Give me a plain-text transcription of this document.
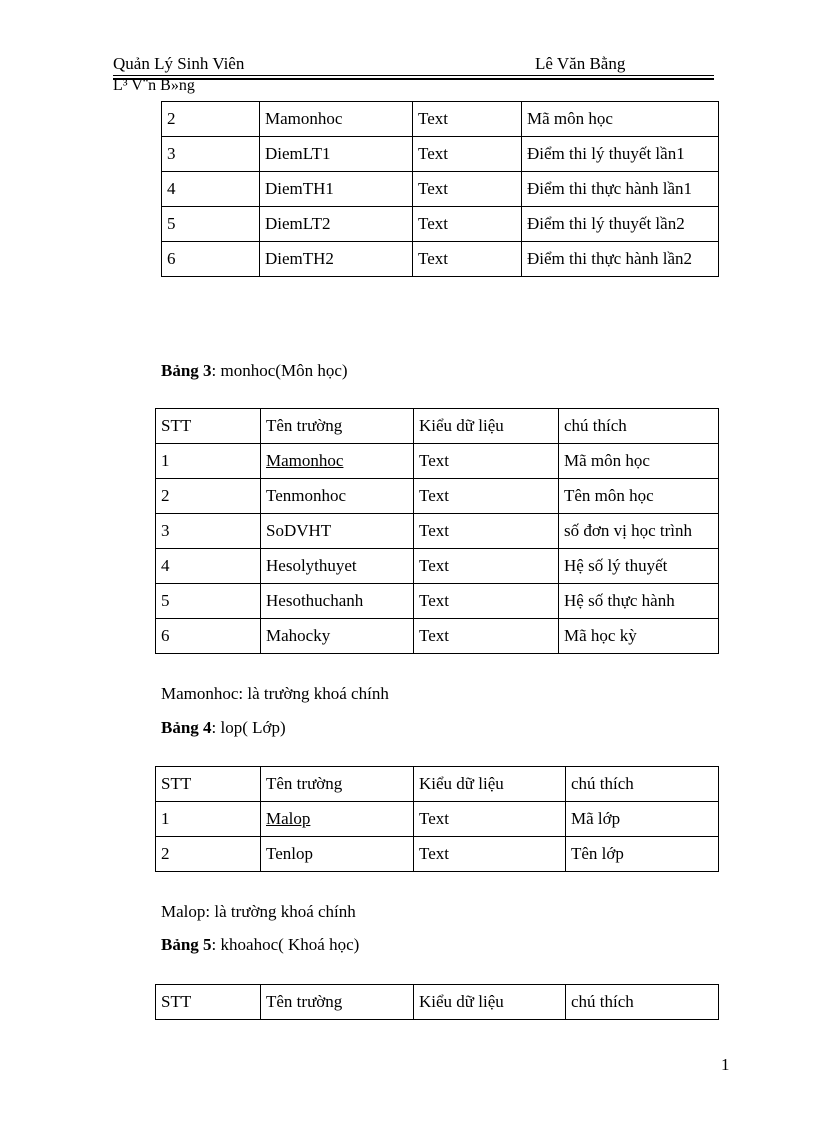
Quản Lý Sinh Viên	Lê Văn Bằng
L³ V¨n B»ng
2	Mamonhoc	Text	Mã môn học
3	DiemLT1	Text	Điểm thi lý thuyết lần1
4	DiemTH1	Text	Điểm thi thực hành lần1
5	DiemLT2	Text	Điểm thi lý thuyết lần2
6	DiemTH2	Text	Điểm thi thực hành lần2
Bảng 3: monhoc(Môn học)
STT	Tên trường	Kiểu dữ liệu	chú thích
1	Mamonhoc	Text	Mã môn học
2	Tenmonhoc	Text	Tên môn học
3	SoDVHT	Text	số đơn vị học trình
4	Hesolythuyet	Text	Hệ số lý thuyết
5	Hesothuchanh	Text	Hệ số thực hành
6	Mahocky	Text	Mã học kỳ
Mamonhoc: là trường khoá chính
Bảng 4: lop( Lớp)
STT	Tên trường	Kiểu dữ liệu	chú thích
1	Malop	Text	Mã lớp
2	Tenlop	Text	Tên lớp
Malop: là trường khoá chính
Bảng 5: khoahoc( Khoá học)
STT	Tên trường	Kiểu dữ liệu	chú thích
1
